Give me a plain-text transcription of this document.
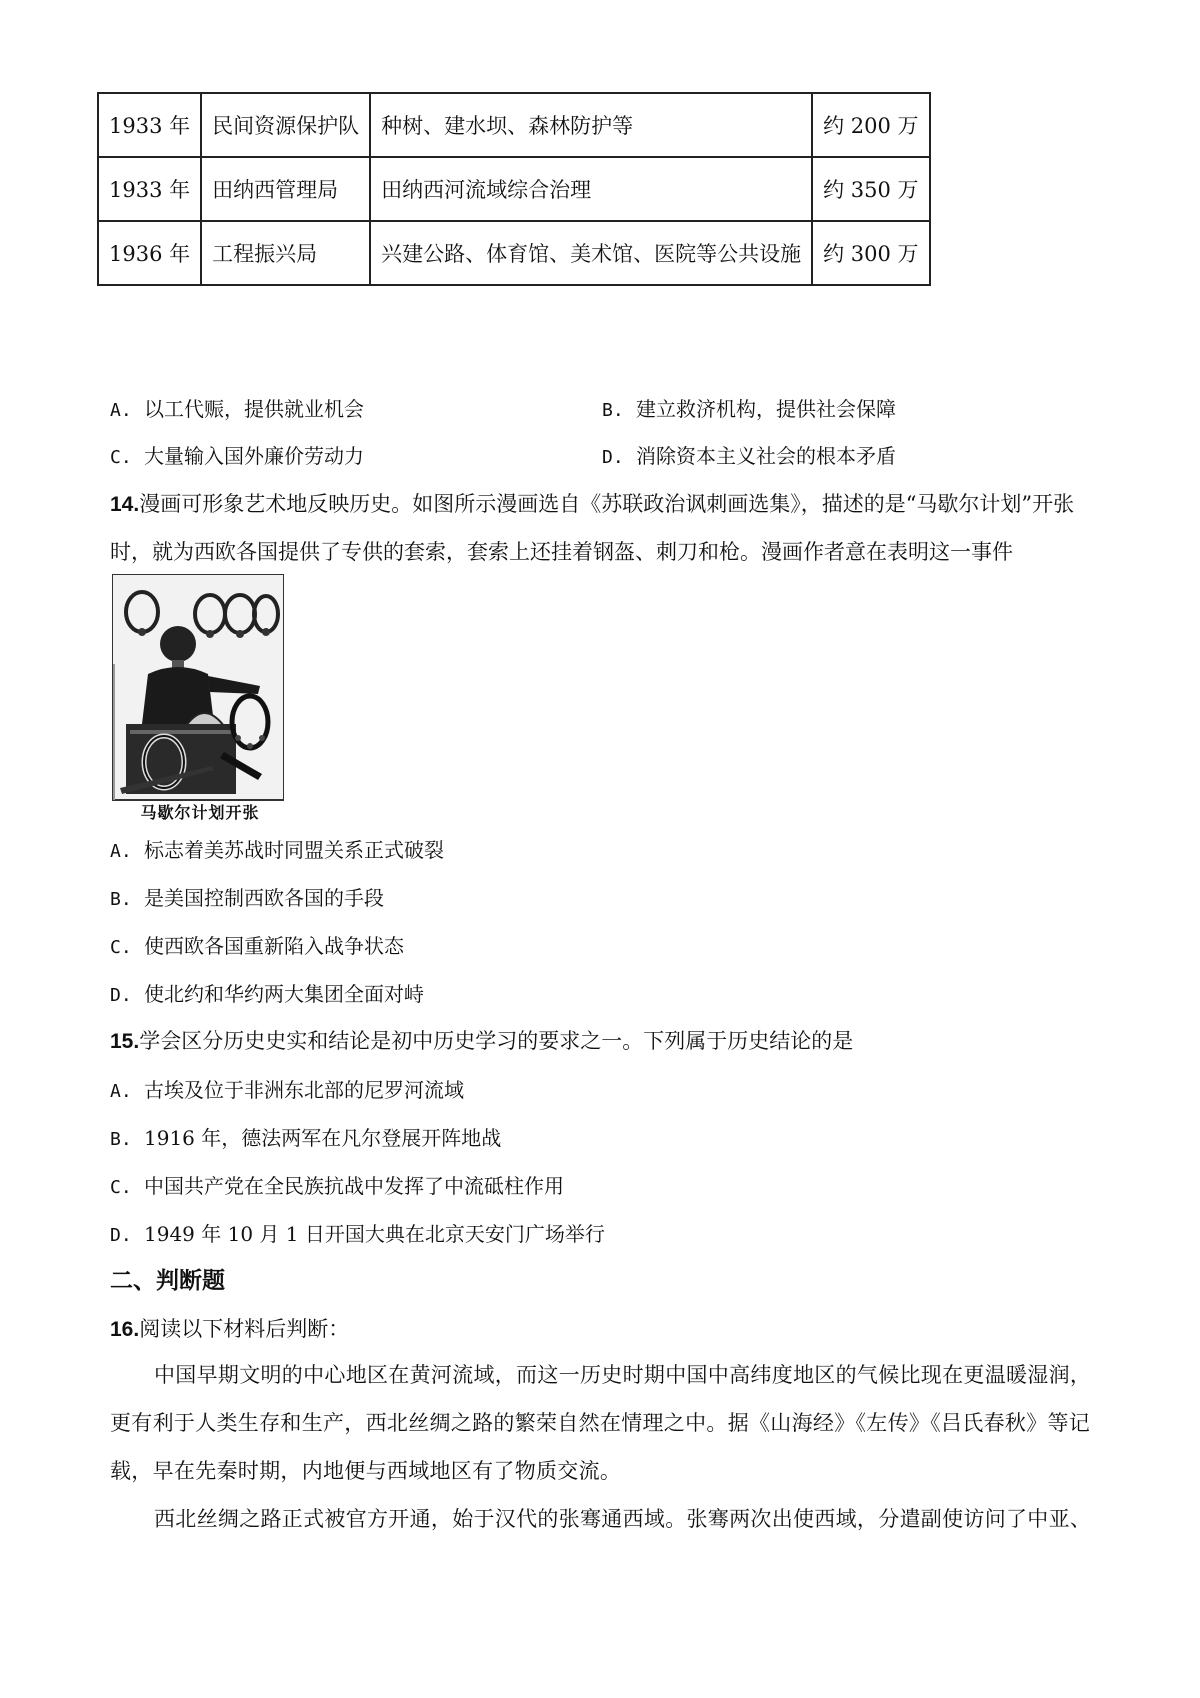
1933 年	民间资源保护队	种树、建水坝、森林防护等	约 200 万
1933 年	田纳西管理局	田纳西河流域综合治理	约 350 万
1936 年	工程振兴局	兴建公路、体育馆、美术馆、医院等公共设施	约 300 万
A. 以工代赈，提供就业机会	B. 建立救济机构，提供社会保障
C. 大量输入国外廉价劳动力	D. 消除资本主义社会的根本矛盾
14.漫画可形象艺术地反映历史。如图所示漫画选自《苏联政治讽刺画选集》，描述的是“马歇尔计划”开张
时，就为西欧各国提供了专供的套索，套索上还挂着钢盔、刺刀和枪。漫画作者意在表明这一事件
马歇尔计划开张
A. 标志着美苏战时同盟关系正式破裂
B. 是美国控制西欧各国的手段
C. 使西欧各国重新陷入战争状态
D. 使北约和华约两大集团全面对峙
15.学会区分历史史实和结论是初中历史学习的要求之一。下列属于历史结论的是
A. 古埃及位于非洲东北部的尼罗河流域
B. 1916 年，德法两军在凡尔登展开阵地战
C. 中国共产党在全民族抗战中发挥了中流砥柱作用
D. 1949 年 10 月 1 日开国大典在北京天安门广场举行
二、判断题
16.阅读以下材料后判断：
中国早期文明的中心地区在黄河流域，而这一历史时期中国中高纬度地区的气候比现在更温暖湿润，更有利于人类生存和生产，西北丝绸之路的繁荣自然在情理之中。据《山海经》《左传》《吕氏春秋》等记载，早在先秦时期，内地便与西域地区有了物质交流。
西北丝绸之路正式被官方开通，始于汉代的张骞通西域。张骞两次出使西域，分遣副使访问了中亚、
